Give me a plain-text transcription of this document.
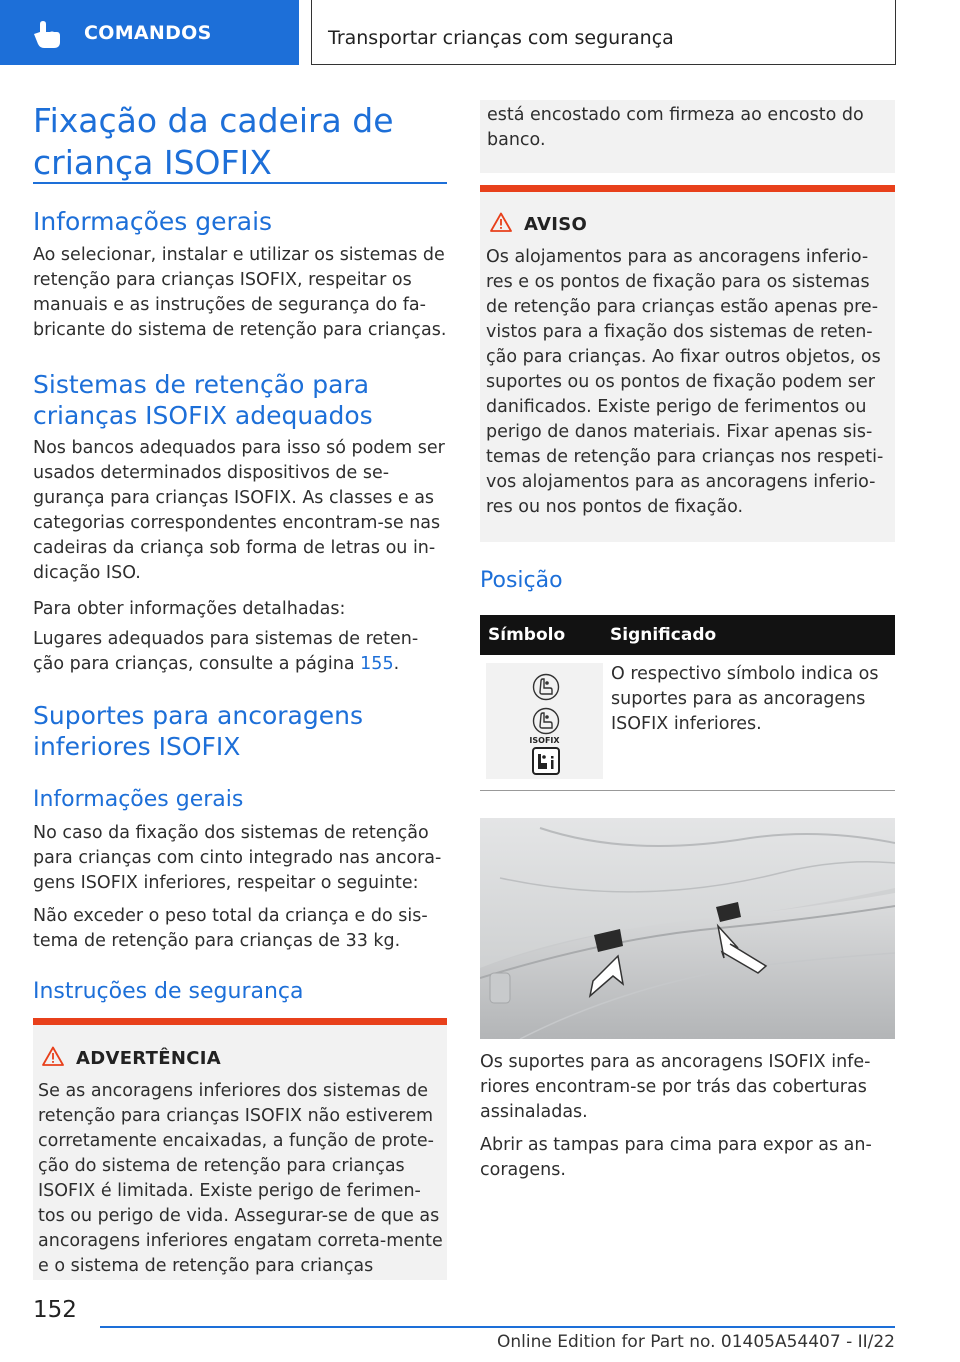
COMANDOS	Transportar crianças com segurança
Fixação da cadeira de criança ISOFIX
Informações gerais

Ao selecionar, instalar e utilizar os sistemas de retenção para crianças ISOFIX, respeitar os manuais e as instruções de segurança do fa-bricante do sistema de retenção para crianças.

Sistemas de retenção para crianças ISOFIX adequados

Nos bancos adequados para isso só podem ser usados determinados dispositivos de se-gurança para crianças ISOFIX. As classes e as categorias correspondentes encontram-se nas cadeiras da criança sob forma de letras ou in-dicação ISO.

Para obter informações detalhadas:

Lugares adequados para sistemas de reten-ção para crianças, consulte a página 155.

Suportes para ancoragens inferiores ISOFIX
Informações gerais

No caso da fixação dos sistemas de retenção para crianças com cinto integrado nas ancora-gens ISOFIX inferiores, respeitar o seguinte:

Não exceder o peso total da criança e do sis-tema de retenção para crianças de 33 kg.

Instruções de segurança
ADVERTÊNCIA

Se as ancoragens inferiores dos sistemas de retenção para crianças ISOFIX não estiverem corretamente encaixadas, a função de prote-ção do sistema de retenção para crianças ISOFIX é limitada. Existe perigo de ferimen-tos ou perigo de vida. Assegurar-se de que as ancoragens inferiores engatam correta-mente e o sistema de retenção para crianças

está encostado com firmeza ao encosto do banco.

AVISO

Os alojamentos para as ancoragens inferio-res e os pontos de fixação para os sistemas de retenção para crianças estão apenas pre-vistos para a fixação dos sistemas de reten-ção para crianças. Ao fixar outros objetos, os suportes ou os pontos de fixação podem ser danificados. Existe perigo de ferimentos ou perigo de danos materiais. Fixar apenas sis-temas de retenção para crianças nos respeti-vos alojamentos para as ancoragens inferio-res ou nos pontos de fixação.

Posição
Símbolo	Significado
ISOFIX

O respectivo símbolo indica os suportes para as ancoragens ISOFIX inferiores.

Os suportes para as ancoragens ISOFIX infe-riores encontram-se por trás das coberturas assinaladas.

Abrir as tampas para cima para expor as an-coragens.

152
Online Edition for Part no. 01405A54407 - II/22
